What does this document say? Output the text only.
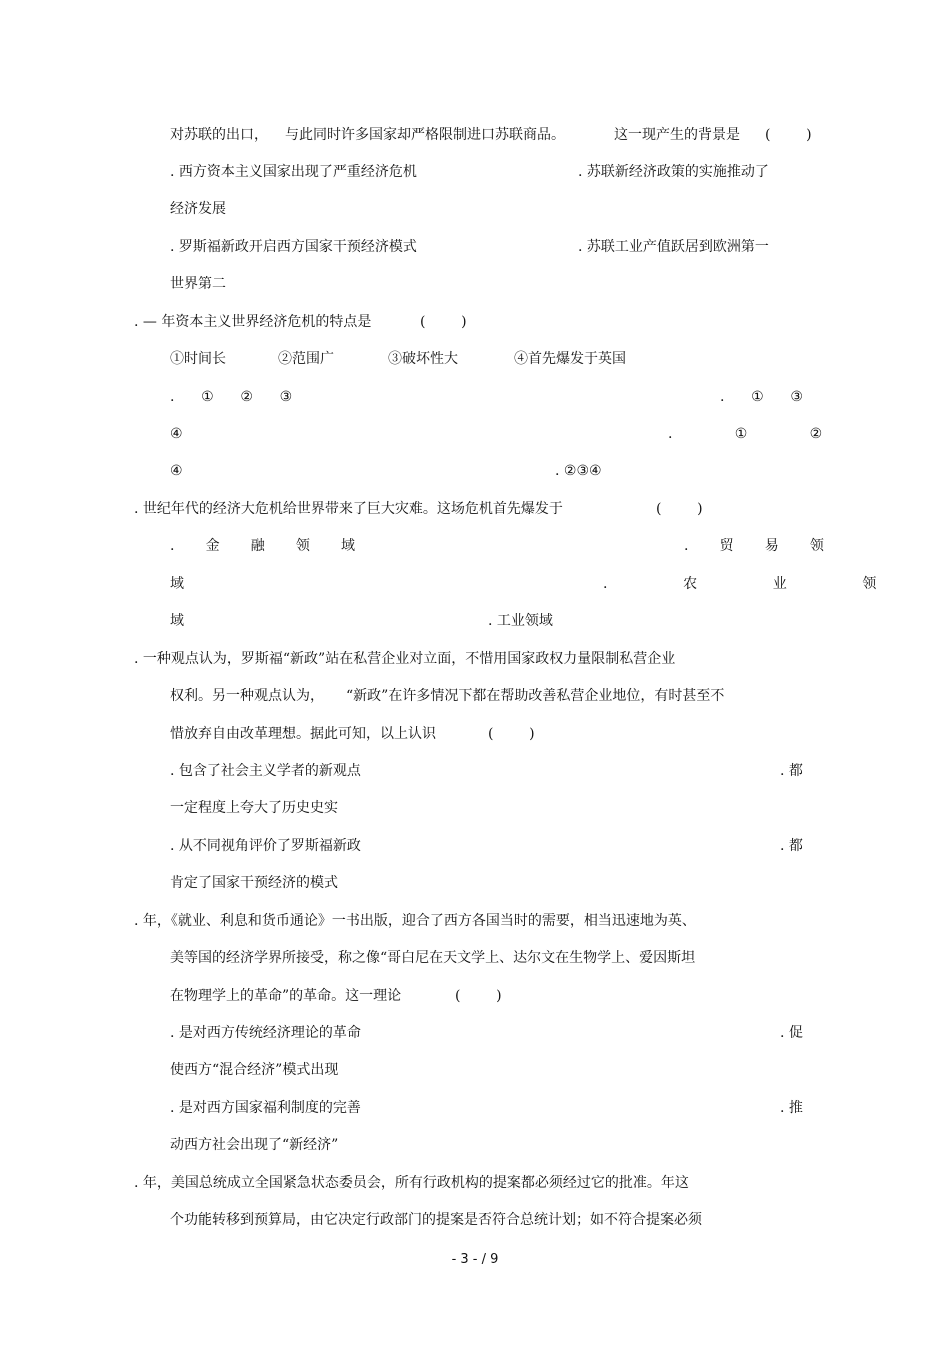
对苏联的出口， 与此同时许多国家却严格限制进口苏联商品。	这一现产生的背景是 (        )
. 西方资本主义国家出现了严重经济危机	. 苏联新经济政策的实施推动了
经济发展
. 罗斯福新政开启西方国家干预经济模式	. 苏联工业产值跃居到欧洲第一
世界第二
. — 年资本主义世界经济危机的特点是	(        )
①时间长	②范围广	③破坏性大	④首先爆发于英国
.      ①      ②      ③	.      ①      ③
④	.              ①              ②
④	. ②③④
. 世纪年代的经济大危机给世界带来了巨大灾难。这场危机首先爆发于	(        )
.       金       融       领       域	.       贸       易       领
域	.                 农                 业                 领
域	. 工业领域
. 一种观点认为，罗斯福“新政”站在私营企业对立面，不惜用国家政权力量限制私营企业
权利。另一种观点认为， “新政”在许多情况下都在帮助改善私营企业地位，有时甚至不
惜放弃自由改革理想。据此可知，以上认识	(        )
. 包含了社会主义学者的新观点	. 都
一定程度上夸大了历史史实
. 从不同视角评价了罗斯福新政	. 都
肯定了国家干预经济的模式
. 年，《就业、利息和货币通论》一书出版，迎合了西方各国当时的需要，相当迅速地为英、
美等国的经济学界所接受，称之像“哥白尼在天文学上、达尔文在生物学上、爱因斯坦
在物理学上的革命”的革命。这一理论	(        )
. 是对西方传统经济理论的革命	. 促
使西方“混合经济”模式出现
. 是对西方国家福利制度的完善	. 推
动西方社会出现了“新经济”
. 年，美国总统成立全国紧急状态委员会，所有行政机构的提案都必须经过它的批准。年这
个功能转移到预算局，由它决定行政部门的提案是否符合总统计划；如不符合提案必须
- 3 - / 9
